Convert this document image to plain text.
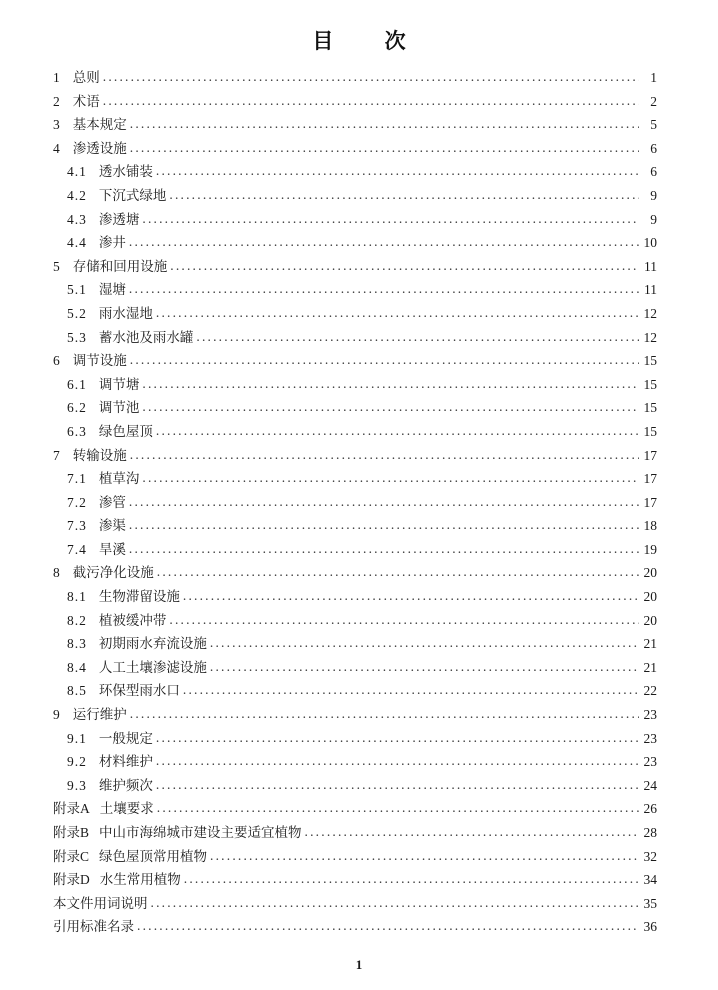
目 次
1 总则 .....	1
2 术语 .....	2
3 基本规定 .....	5
4 渗透设施 .....	6
4.1 透水铺装 .....	6
4.2 下沉式绿地 .....	9
4.3 渗透塘 .....	9
4.4 渗井 .....	10
5 存储和回用设施 .....	11
5.1 湿塘 .....	11
5.2 雨水湿地 .....	12
5.3 蓄水池及雨水罐 .....	12
6 调节设施 .....	15
6.1 调节塘 .....	15
6.2 调节池 .....	15
6.3 绿色屋顶 .....	15
7 转输设施 .....	17
7.1 植草沟 .....	17
7.2 渗管 .....	17
7.3 渗渠 .....	18
7.4 旱溪 .....	19
8 截污净化设施 .....	20
8.1 生物滞留设施 .....	20
8.2 植被缓冲带 .....	20
8.3 初期雨水弃流设施 .....	21
8.4 人工土壤渗滤设施 .....	21
8.5 环保型雨水口 .....	22
9 运行维护 .....	23
9.1 一般规定 .....	23
9.2 材料维护 .....	23
9.3 维护频次 .....	24
附录A 土壤要求 .....	26
附录B 中山市海绵城市建设主要适宜植物 .....	28
附录C 绿色屋顶常用植物 .....	32
附录D 水生常用植物 .....	34
本文件用词说明 .....	35
引用标准名录 .....	36
1
